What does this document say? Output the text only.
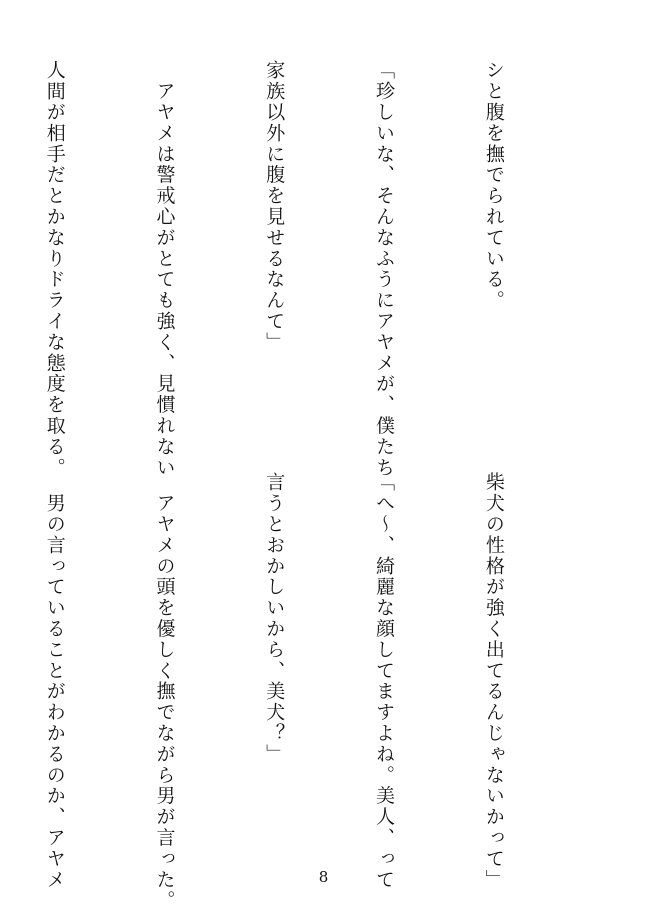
シと腹を撫でられている。

「珍しいな、そんなふうにアヤメが、僕たち

家族以外に腹を見せるなんて」

　アヤメは警戒心がとても強く、見慣れない

人間が相手だとかなりドライな態度を取る。

柴犬の性格が強く出てるんじゃないかって」

「へ～、綺麗な顔してますよね。美人、って

言うとおかしいから、美犬？」

　アヤメの頭を優しく撫でながら男が言った。

　男の言っていることがわかるのか、アヤメ

	8
